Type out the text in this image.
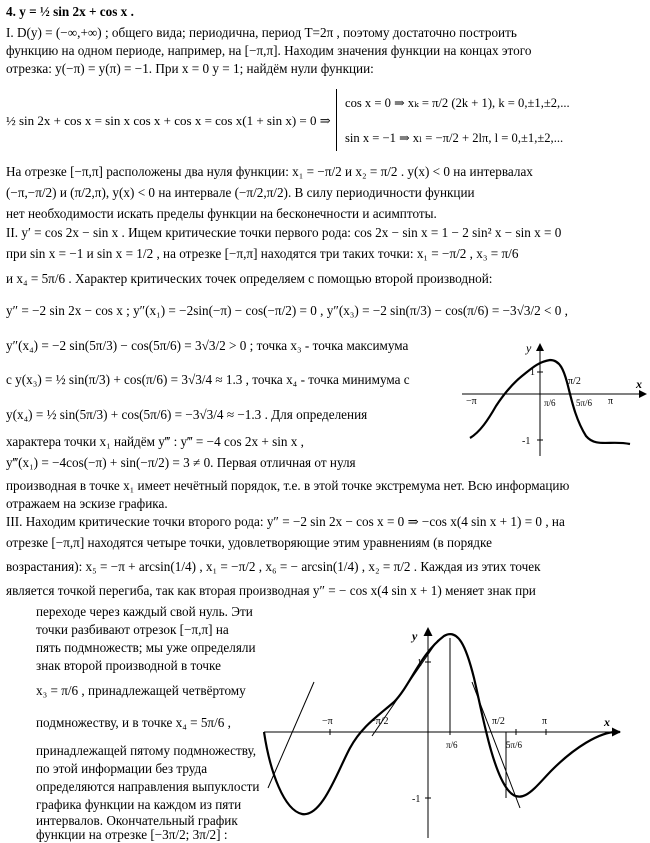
4. y = ½ sin 2x + cos x .
I. D(y) = (−∞,+∞) ; общего вида; периодична, период T=2π , поэтому достаточно построить
функцию на одном периоде, например, на [−π,π]. Находим значения функции на концах этого
отрезка: y(−π) = y(π) = −1. При x = 0 y = 1; найдём нули функции:
½ sin 2x + cos x = sin x cos x + cos x = cos x(1 + sin x) = 0 ⇒
cos x = 0 ⇒ xₖ = π/2 (2k + 1), k = 0,±1,±2,...
sin x = −1 ⇒ xₗ = −π/2 + 2lπ, l = 0,±1,±2,...
На отрезке [−π,π] расположены два нуля функции: x₁ = −π/2 и x₂ = π/2 . y(x) < 0 на интервалах
(−π,−π/2) и (π/2,π), y(x) < 0 на интервале (−π/2,π/2). В силу периодичности функции
нет необходимости искать пределы функции на бесконечности и асимптоты.
II. y′ = cos 2x − sin x . Ищем критические точки первого рода: cos 2x − sin x = 1 − 2 sin² x − sin x = 0
при sin x = −1 и sin x = 1/2 , на отрезке [−π,π] находятся три таких точки: x₁ = −π/2 , x₃ = π/6
и x₄ = 5π/6 . Характер критических точек определяем с помощью второй производной:
y″ = −2 sin 2x − cos x ; y″(x₁) = −2sin(−π) − cos(−π/2) = 0 , y″(x₃) = −2 sin(π/3) − cos(π/6) = −3√3/2 < 0 ,
y″(x₄) = −2 sin(5π/3) − cos(5π/6) = 3√3/2 > 0 ; точка x₃ - точка максимума
с y(x₃) = ½ sin(π/3) + cos(π/6) = 3√3/4 ≈ 1.3 , точка x₄ - точка минимума с
y(x₄) = ½ sin(5π/3) + cos(5π/6) = −3√3/4 ≈ −1.3 . Для определения
характера точки x₁ найдём y‴ : y‴ = −4 cos 2x + sin x ,
y‴(x₁) = −4cos(−π) + sin(−π/2) = 3 ≠ 0. Первая отличная от нуля
производная в точке x₁ имеет нечётный порядок, т.е. в этой точке экстремума нет. Всю информацию
отражаем на эскизе графика.
III. Находим критические точки второго рода: y″ = −2 sin 2x − cos x = 0 ⇒ −cos x(4 sin x + 1) = 0 , на
отрезке [−π,π] находятся четыре точки, удовлетворяющие этим уравнениям (в порядке
возрастания): x₅ = −π + arcsin(1/4) , x₁ = −π/2 , x₆ = − arcsin(1/4) , x₂ = π/2 . Каждая из этих точек
является точкой перегиба, так как вторая производная y″ = − cos x(4 sin x + 1) меняет знак при
переходе через каждый свой нуль. Эти
точки разбивают отрезок [−π,π] на
пять подмножеств; мы уже определяли
знак второй производной в точке
x₃ = π/6 , принадлежащей четвёртому
подмножеству, и в точке x₄ = 5π/6 ,
принадлежащей пятому подмножеству,
по этой информации без труда
определяются направления выпуклости
графика функции на каждом из пяти
интервалов. Окончательный график
функции на отрезке [−3π/2; 3π/2] :
y
x
1
-1
−π
π/2
π/6 5π/6 π
y
x
1
-1
−π	−π/2	π/2	π
π/6	5π/6
